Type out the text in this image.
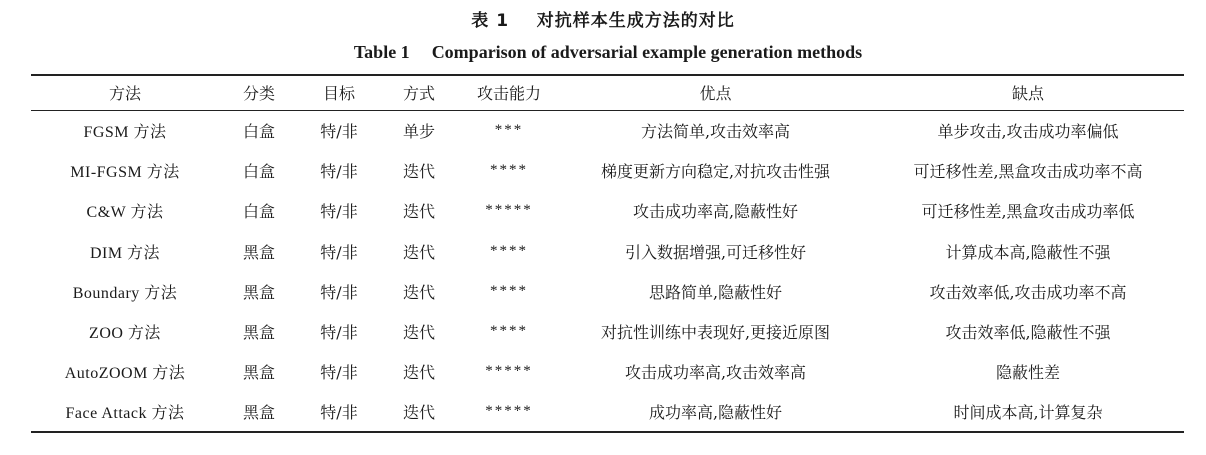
表 1 对抗样本生成方法的对比
Table 1 Comparison of adversarial example generation methods
方法	分类	目标	方式	攻击能力	优点	缺点
FGSM 方法	白盒	特/非	单步	***	方法简单,攻击效率高	单步攻击,攻击成功率偏低
MI-FGSM 方法	白盒	特/非	迭代	****	梯度更新方向稳定,对抗攻击性强	可迁移性差,黑盒攻击成功率不高
C&W 方法	白盒	特/非	迭代	*****	攻击成功率高,隐蔽性好	可迁移性差,黑盒攻击成功率低
DIM 方法	黑盒	特/非	迭代	****	引入数据增强,可迁移性好	计算成本高,隐蔽性不强
Boundary 方法	黑盒	特/非	迭代	****	思路简单,隐蔽性好	攻击效率低,攻击成功率不高
ZOO 方法	黑盒	特/非	迭代	****	对抗性训练中表现好,更接近原图	攻击效率低,隐蔽性不强
AutoZOOM 方法	黑盒	特/非	迭代	*****	攻击成功率高,攻击效率高	隐蔽性差
Face Attack 方法	黑盒	特/非	迭代	*****	成功率高,隐蔽性好	时间成本高,计算复杂
